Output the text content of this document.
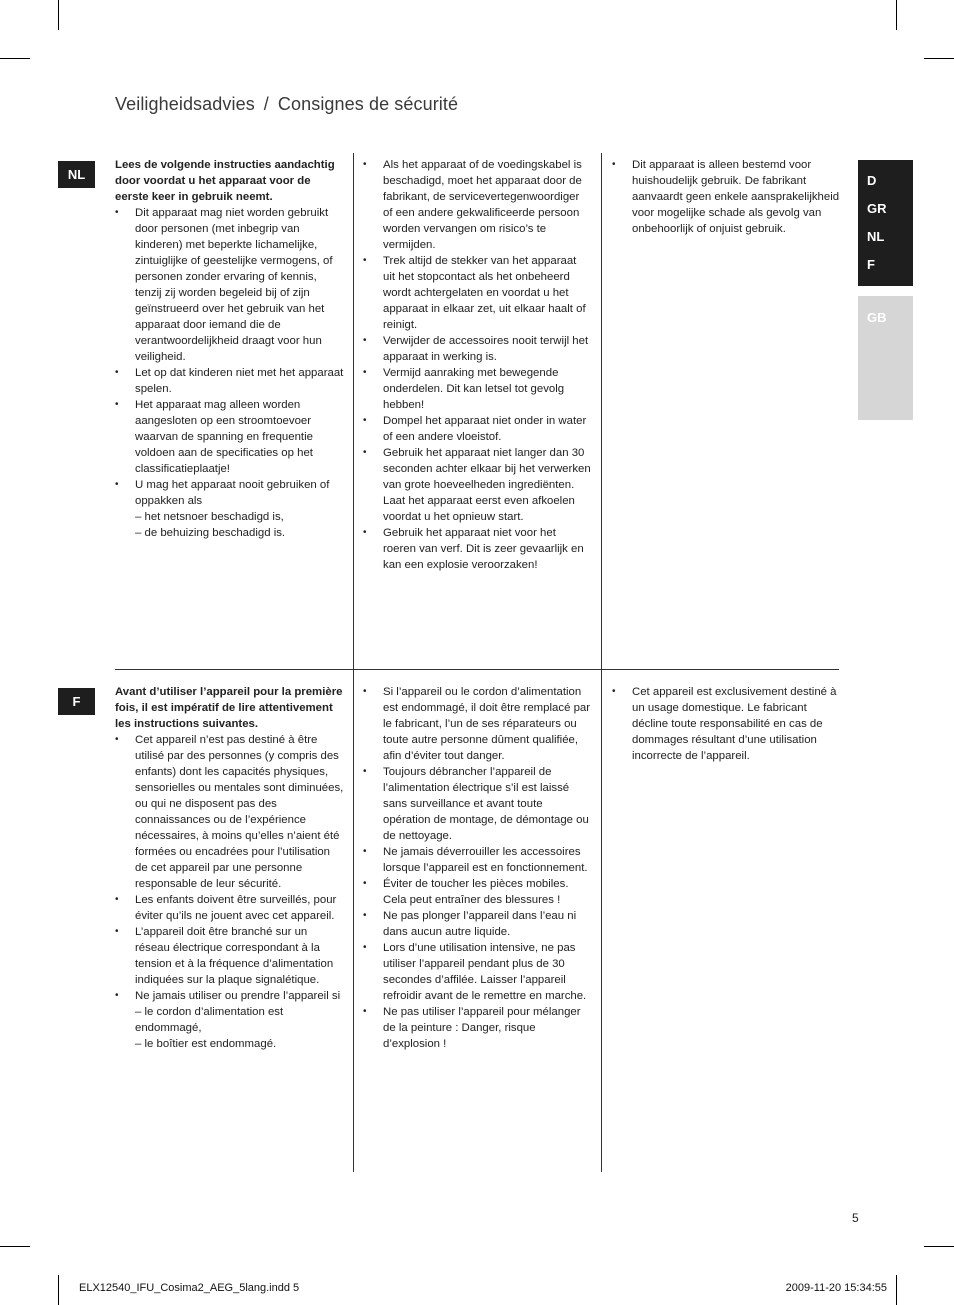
Veiligheidsadvies / Consignes de sécurité
D
GR
NL
F
GB
NL

Lees de volgende instructies aandachtig door voordat u het apparaat voor de eerste keer in gebruik neemt.

• Dit apparaat mag niet worden gebruikt door personen (met inbegrip van kinderen) met beperkte lichamelijke, zintuiglijke of geestelijke vermogens, of personen zonder ervaring of kennis, tenzij zij worden begeleid bij of zijn geïnstrueerd over het gebruik van het apparaat door iemand die de verantwoordelijkheid draagt voor hun veiligheid.
• Let op dat kinderen niet met het apparaat spelen.
• Het apparaat mag alleen worden aangesloten op een stroomtoevoer waarvan de spanning en frequentie voldoen aan de specificaties op het classificatieplaatje!
• U mag het apparaat nooit gebruiken of oppakken als
– het netsnoer beschadigd is,
– de behuizing beschadigd is.
• Als het apparaat of de voedingskabel is beschadigd, moet het apparaat door de fabrikant, de servicevertegenwoordiger of een andere gekwalificeerde persoon worden vervangen om risico’s te vermijden.
• Trek altijd de stekker van het apparaat uit het stopcontact als het onbeheerd wordt achtergelaten en voordat u het apparaat in elkaar zet, uit elkaar haalt of reinigt.
• Verwijder de accessoires nooit terwijl het apparaat in werking is.
• Vermijd aanraking met bewegende onderdelen. Dit kan letsel tot gevolg hebben!
• Dompel het apparaat niet onder in water of een andere vloeistof.
• Gebruik het apparaat niet langer dan 30 seconden achter elkaar bij het verwerken van grote hoeveelheden ingrediënten. Laat het apparaat eerst even afkoelen voordat u het opnieuw start.
• Gebruik het apparaat niet voor het roeren van verf. Dit is zeer gevaarlijk en kan een explosie veroorzaken!
• Dit apparaat is alleen bestemd voor huishoudelijk gebruik. De fabrikant aanvaardt geen enkele aansprakelijkheid voor mogelijke schade als gevolg van onbehoorlijk of onjuist gebruik.
F

Avant d’utiliser l’appareil pour la première fois, il est impératif de lire attentivement les instructions suivantes.

• Cet appareil n’est pas destiné à être utilisé par des personnes (y compris des enfants) dont les capacités physiques, sensorielles ou mentales sont diminuées, ou qui ne disposent pas des connaissances ou de l’expérience nécessaires, à moins qu’elles n’aient été formées ou encadrées pour l’utilisation de cet appareil par une personne responsable de leur sécurité.
• Les enfants doivent être surveillés, pour éviter qu’ils ne jouent avec cet appareil.
• L’appareil doit être branché sur un réseau électrique correspondant à la tension et à la fréquence d’alimentation indiquées sur la plaque signalétique.
• Ne jamais utiliser ou prendre l’appareil si
– le cordon d’alimentation est endommagé,
– le boîtier est endommagé.
• Si l’appareil ou le cordon d’alimentation est endommagé, il doit être remplacé par le fabricant, l’un de ses réparateurs ou toute autre personne dûment qualifiée, afin d’éviter tout danger.
• Toujours débrancher l’appareil de l’alimentation électrique s’il est laissé sans surveillance et avant toute opération de montage, de démontage ou de nettoyage.
• Ne jamais déverrouiller les accessoires lorsque l’appareil est en fonctionnement.
• Éviter de toucher les pièces mobiles. Cela peut entraîner des blessures !
• Ne pas plonger l’appareil dans l’eau ni dans aucun autre liquide.
• Lors d’une utilisation intensive, ne pas utiliser l’appareil pendant plus de 30 secondes d’affilée. Laisser l’appareil refroidir avant de le remettre en marche.
• Ne pas utiliser l’appareil pour mélanger de la peinture : Danger, risque d’explosion !
• Cet appareil est exclusivement destiné à un usage domestique. Le fabricant décline toute responsabilité en cas de dommages résultant d’une utilisation incorrecte de l’appareil.
5
ELX12540_IFU_Cosima2_AEG_5lang.indd 5	2009-11-20 15:34:55
